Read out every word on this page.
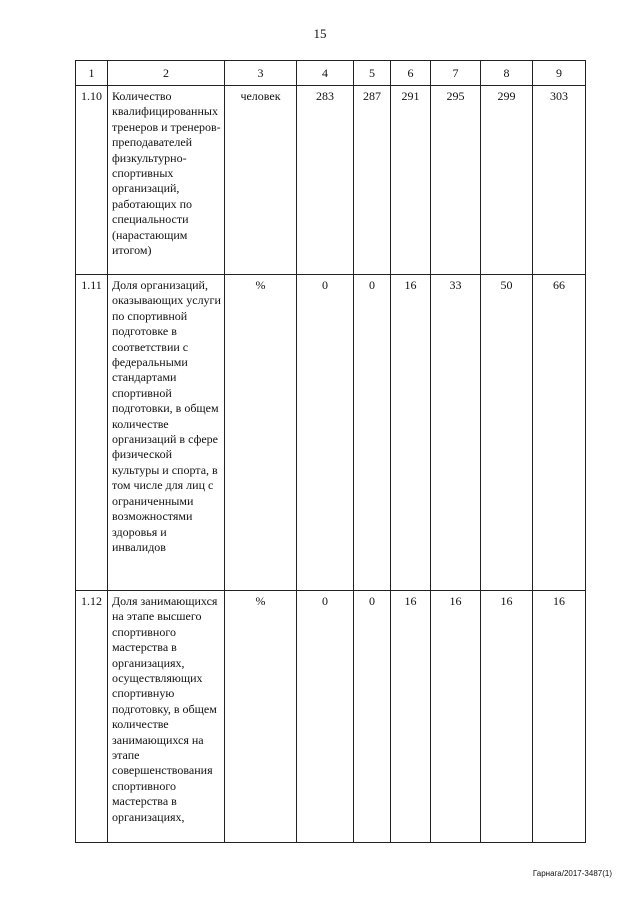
15
1	2	3	4	5	6	7	8	9
1.10	Количество квалифицированных тренеров и тренеров-преподавателей физкультурно-спортивных организаций, работающих по специальности (нарастающим итогом)	человек	283	287	291	295	299	303
1.11	Доля организаций, оказывающих услуги по спортивной подготовке в соответствии с федеральными стандартами спортивной подготовки, в общем количестве организаций в сфере физической культуры и спорта, в том числе для лиц с ограниченными возможностями здоровья и инвалидов	%	0	0	16	33	50	66
1.12	Доля занимающихся на этапе высшего спортивного мастерства в организациях, осуществляющих спортивную подготовку, в общем количестве занимающихся на этапе совершенствования спортивного мастерства в организациях,	%	0	0	16	16	16	16
Гарнага/2017-3487(1)
